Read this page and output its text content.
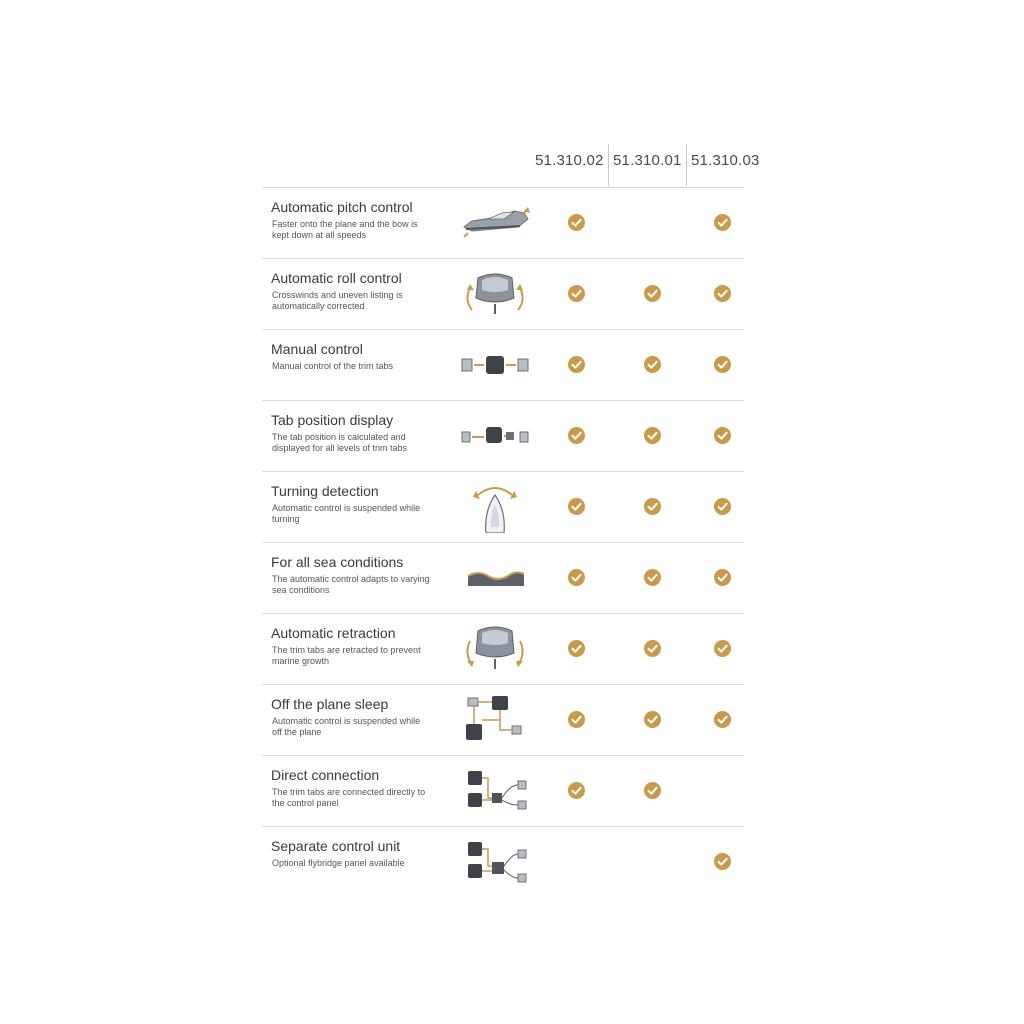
51.310.02 51.310.01 51.310.03
Automatic pitch control
Faster onto the plane and the bow is kept down at all speeds
Automatic roll control
Crosswinds and uneven listing is automatically corrected
Manual control
Manual control of the trim tabs
Tab position display
The tab position is calculated and displayed for all levels of trim tabs
Turning detection
Automatic control is suspended while turning
For all sea conditions
The automatic control adapts to varying sea conditions
Automatic retraction
The trim tabs are retracted to prevent marine growth
Off the plane sleep
Automatic control is suspended while off the plane
Direct connection
The trim tabs are connected directly to the control panel
Separate control unit
Optional flybridge panel available
